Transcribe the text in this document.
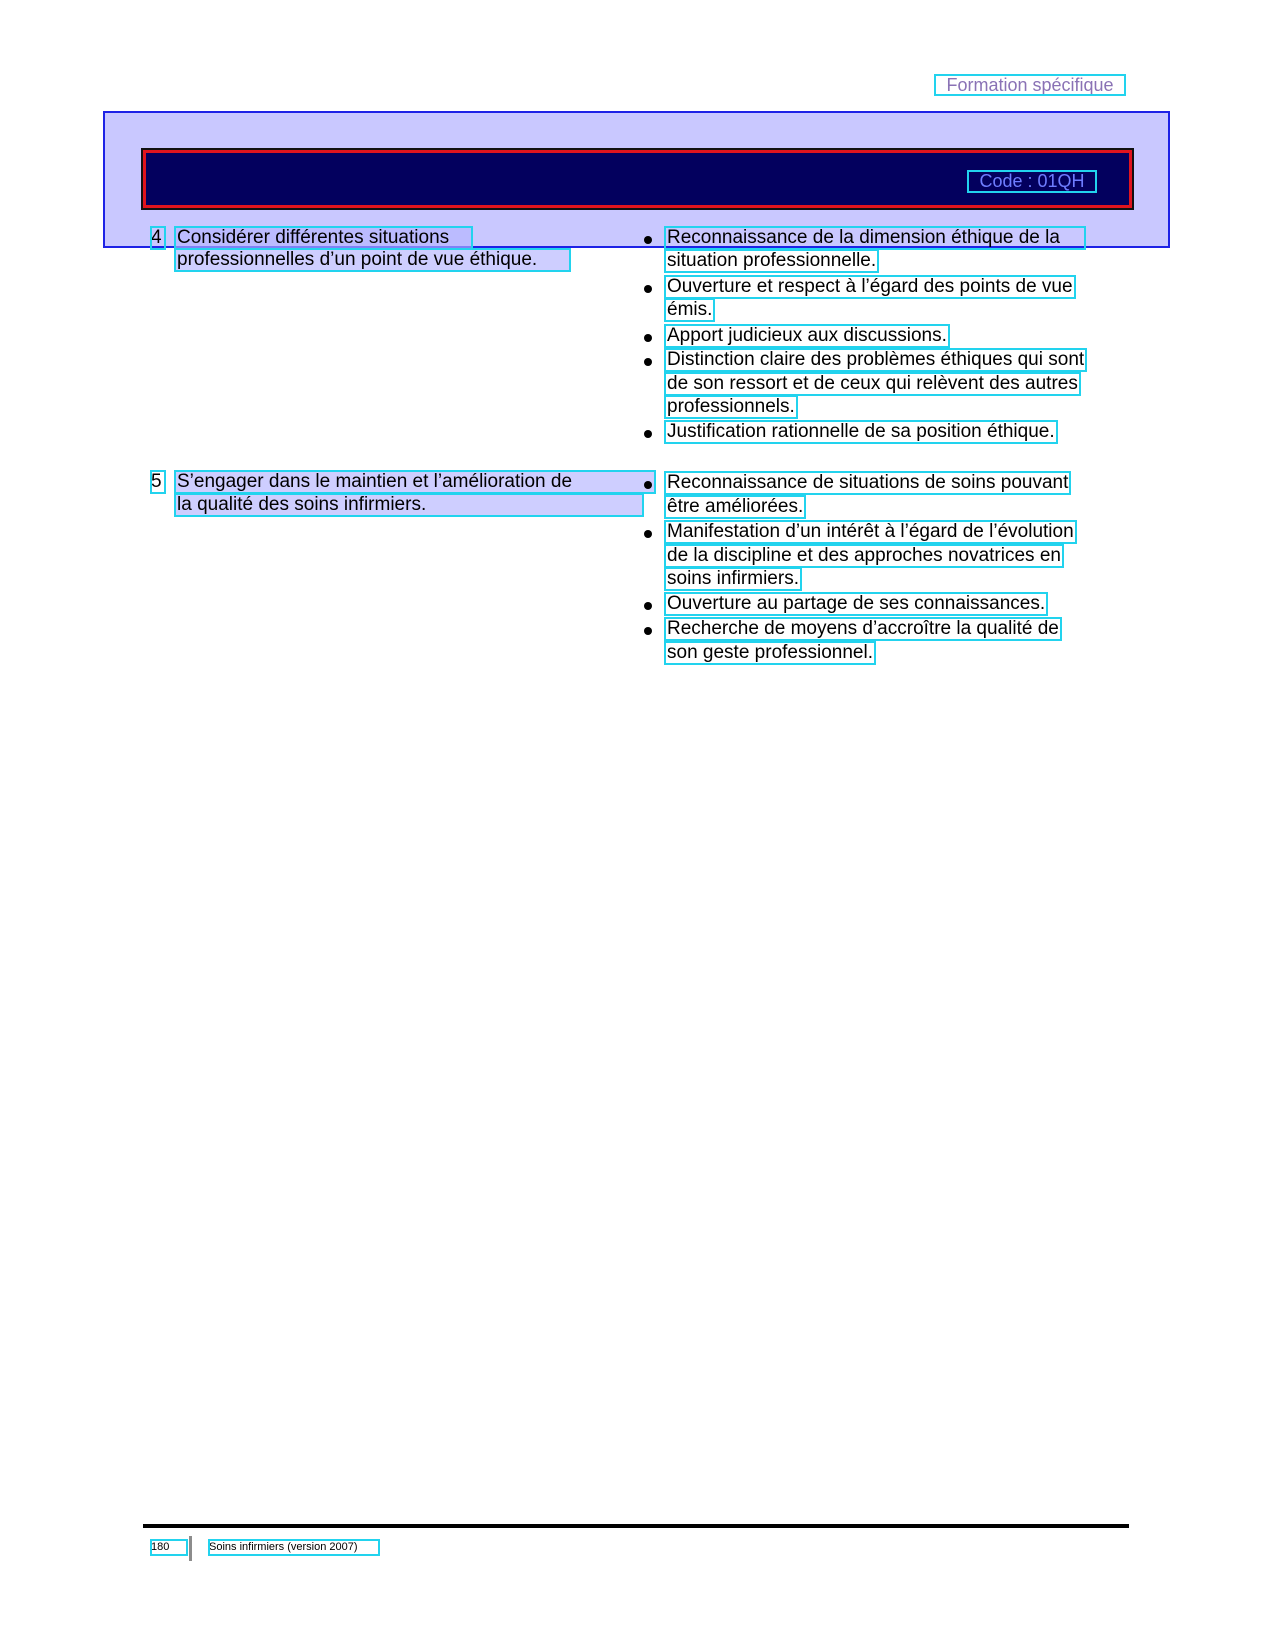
Formation spécifique
Code : 01QH
4 Considérer différentes situations
professionnelles d’un point de vue éthique.
Reconnaissance de la dimension éthique de la
situation professionnelle.
Ouverture et respect à l’égard des points de vue
émis.
Apport judicieux aux discussions.
Distinction claire des problèmes éthiques qui sont
de son ressort et de ceux qui relèvent des autres
professionnels.
Justification rationnelle de sa position éthique.
5 S’engager dans le maintien et l’amélioration de
la qualité des soins infirmiers.
Reconnaissance de situations de soins pouvant
être améliorées.
Manifestation d’un intérêt à l’égard de l’évolution
de la discipline et des approches novatrices en
soins infirmiers.
Ouverture au partage de ses connaissances.
Recherche de moyens d’accroître la qualité de
son geste professionnel.
180	Soins infirmiers (version 2007)
